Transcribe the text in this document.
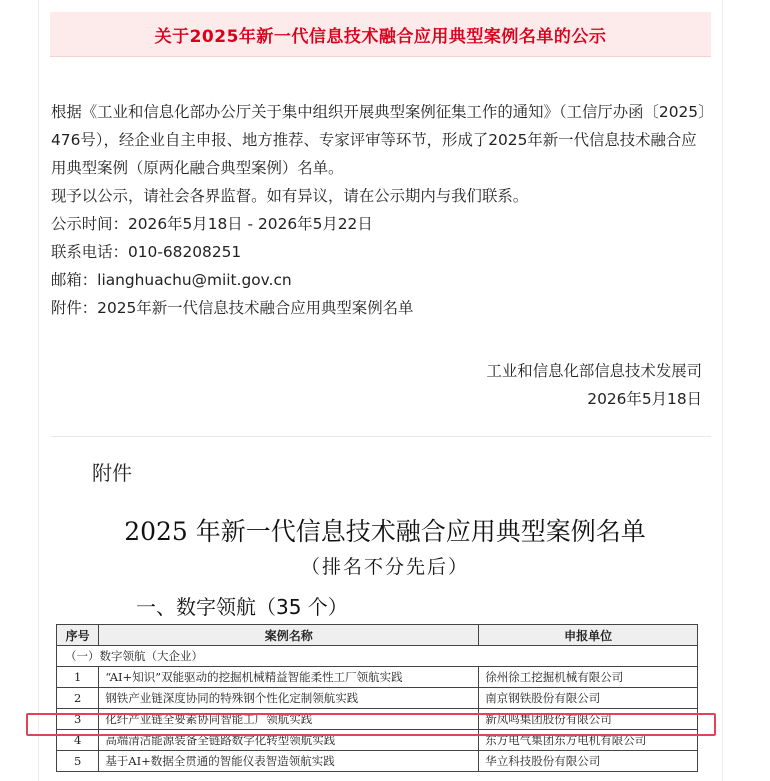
关于2025年新一代信息技术融合应用典型案例名单的公示

根据《工业和信息化部办公厅关于集中组织开展典型案例征集工作的通知》（工信厅办函〔2025〕476号），经企业自主申报、地方推荐、专家评审等环节，形成了2025年新一代信息技术融合应用典型案例（原两化融合典型案例）名单。

现予以公示，请社会各界监督。如有异议，请在公示期内与我们联系。

公示时间：2026年5月18日 - 2026年5月22日

联系电话：010-68208251

邮箱：lianghuachu@miit.gov.cn

附件：2025年新一代信息技术融合应用典型案例名单

工业和信息化部信息技术发展司
2026年5月18日
附件
2025 年新一代信息技术融合应用典型案例名单
（排名不分先后）
一、数字领航（35 个）
序号	案例名称	申报单位
（一）数字领航（大企业）		
1	“AI+知识”双能驱动的挖掘机械精益智能柔性工厂领航实践	徐州徐工挖掘机械有限公司
2	钢铁产业链深度协同的特殊钢个性化定制领航实践	南京钢铁股份有限公司
3	化纤产业链全要素协同智能工厂领航实践	新凤鸣集团股份有限公司
4	高端清洁能源装备全链路数字化转型领航实践	东方电气集团东方电机有限公司
5	基于AI+数据全贯通的智能仪表智造领航实践	华立科技股份有限公司
